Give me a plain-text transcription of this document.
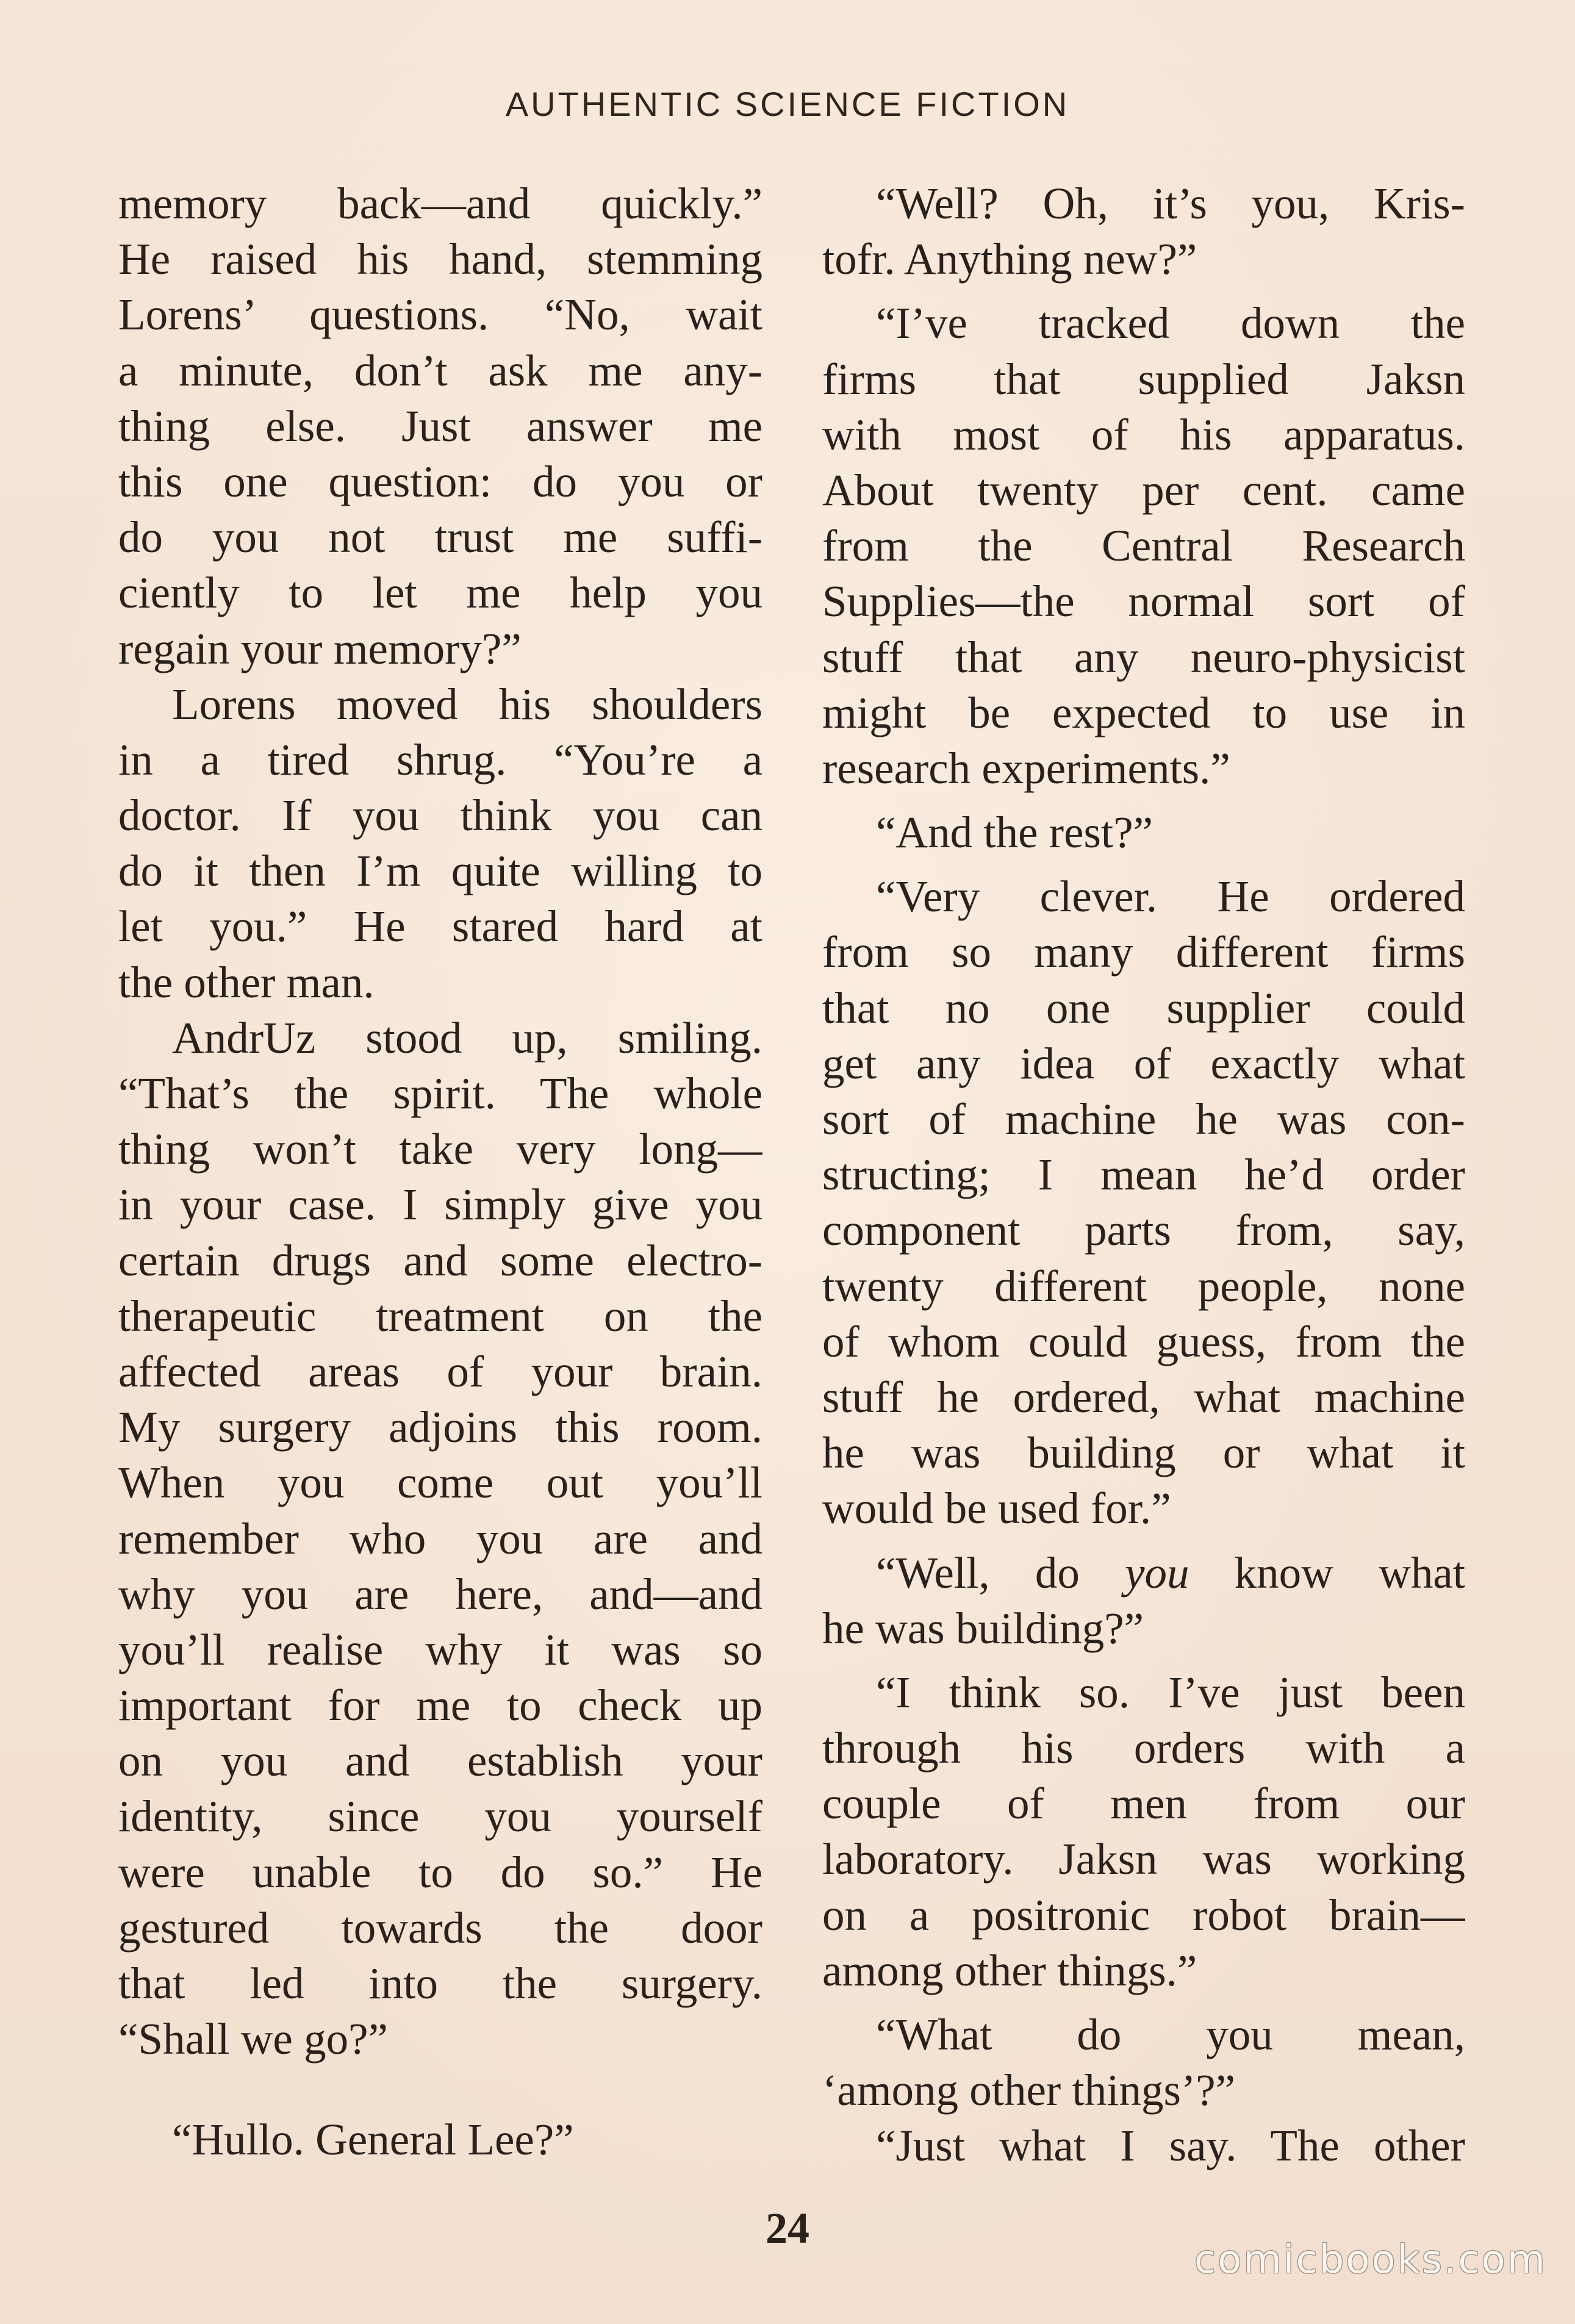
AUTHENTIC SCIENCE FICTION
memory back—and quickly.”
He raised his hand, stemming
Lorens’ questions. “No, wait
a minute, don’t ask me any-
thing else. Just answer me
this one question: do you or
do you not trust me suffi-
ciently to let me help you
regain your memory?”
Lorens moved his shoulders
in a tired shrug. “You’re a
doctor. If you think you can
do it then I’m quite willing to
let you.” He stared hard at
the other man.
AndrUz stood up, smiling.
“That’s the spirit. The whole
thing won’t take very long—
in your case. I simply give you
certain drugs and some electro-
therapeutic treatment on the
affected areas of your brain.
My surgery adjoins this room.
When you come out you’ll
remember who you are and
why you are here, and—and
you’ll realise why it was so
important for me to check up
on you and establish your
identity, since you yourself
were unable to do so.” He
gestured towards the door
that led into the surgery.
“Shall we go?”
“Hullo. General Lee?”
“Well? Oh, it’s you, Kris-
tofr. Anything new?”
“I’ve tracked down the
firms that supplied Jaksn
with most of his apparatus.
About twenty per cent. came
from the Central Research
Supplies—the normal sort of
stuff that any neuro-physicist
might be expected to use in
research experiments.”
“And the rest?”
“Very clever. He ordered
from so many different firms
that no one supplier could
get any idea of exactly what
sort of machine he was con-
structing; I mean he’d order
component parts from, say,
twenty different people, none
of whom could guess, from the
stuff he ordered, what machine
he was building or what it
would be used for.”
“Well, do you know what
he was building?”
“I think so. I’ve just been
through his orders with a
couple of men from our
laboratory. Jaksn was working
on a positronic robot brain—
among other things.”
“What do you mean,
‘among other things’?”
“Just what I say. The other
24
comicbooks.com
